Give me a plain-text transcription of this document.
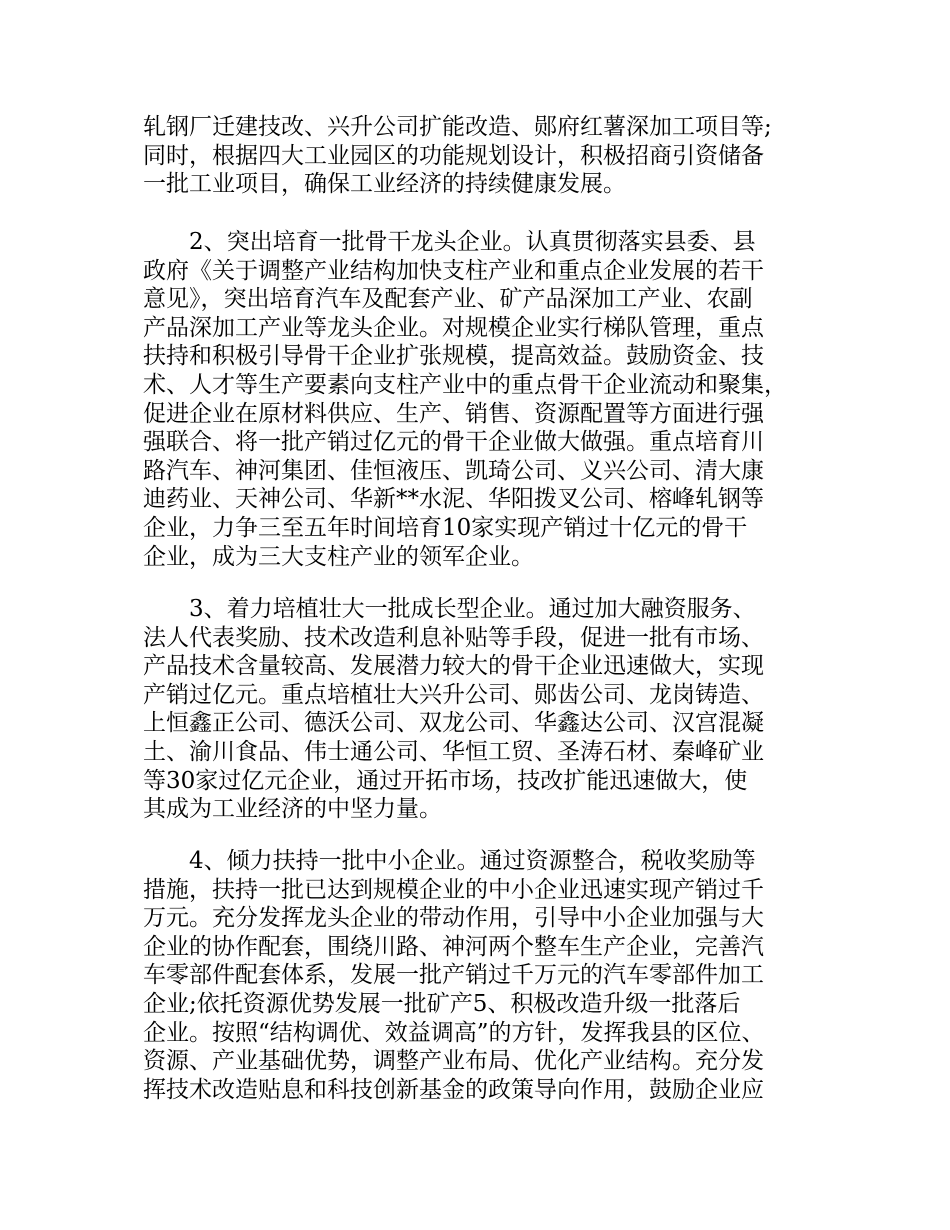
轧钢厂迁建技改、兴升公司扩能改造、郧府红薯深加工项目等;
同时，根据四大工业园区的功能规划设计，积极招商引资储备
一批工业项目，确保工业经济的持续健康发展。
2、突出培育一批骨干龙头企业。认真贯彻落实县委、县
政府《关于调整产业结构加快支柱产业和重点企业发展的若干
意见》，突出培育汽车及配套产业、矿产品深加工产业、农副
产品深加工产业等龙头企业。对规模企业实行梯队管理，重点
扶持和积极引导骨干企业扩张规模，提高效益。鼓励资金、技
术、人才等生产要素向支柱产业中的重点骨干企业流动和聚集，
促进企业在原材料供应、生产、销售、资源配置等方面进行强
强联合、将一批产销过亿元的骨干企业做大做强。重点培育川
路汽车、神河集团、佳恒液压、凯琦公司、义兴公司、清大康
迪药业、天神公司、华新**水泥、华阳拨叉公司、榕峰轧钢等
企业，力争三至五年时间培育10家实现产销过十亿元的骨干
企业，成为三大支柱产业的领军企业。
3、着力培植壮大一批成长型企业。通过加大融资服务、
法人代表奖励、技术改造利息补贴等手段，促进一批有市场、
产品技术含量较高、发展潜力较大的骨干企业迅速做大，实现
产销过亿元。重点培植壮大兴升公司、郧齿公司、龙岗铸造、
上恒鑫正公司、德沃公司、双龙公司、华鑫达公司、汉宫混凝
土、渝川食品、伟士通公司、华恒工贸、圣涛石材、秦峰矿业
等30家过亿元企业，通过开拓市场，技改扩能迅速做大，使
其成为工业经济的中坚力量。
4、倾力扶持一批中小企业。通过资源整合，税收奖励等
措施，扶持一批已达到规模企业的中小企业迅速实现产销过千
万元。充分发挥龙头企业的带动作用，引导中小企业加强与大
企业的协作配套，围绕川路、神河两个整车生产企业，完善汽
车零部件配套体系，发展一批产销过千万元的汽车零部件加工
企业;依托资源优势发展一批矿产5、积极改造升级一批落后
企业。按照“结构调优、效益调高”的方针，发挥我县的区位、
资源、产业基础优势，调整产业布局、优化产业结构。充分发
挥技术改造贴息和科技创新基金的政策导向作用，鼓励企业应
